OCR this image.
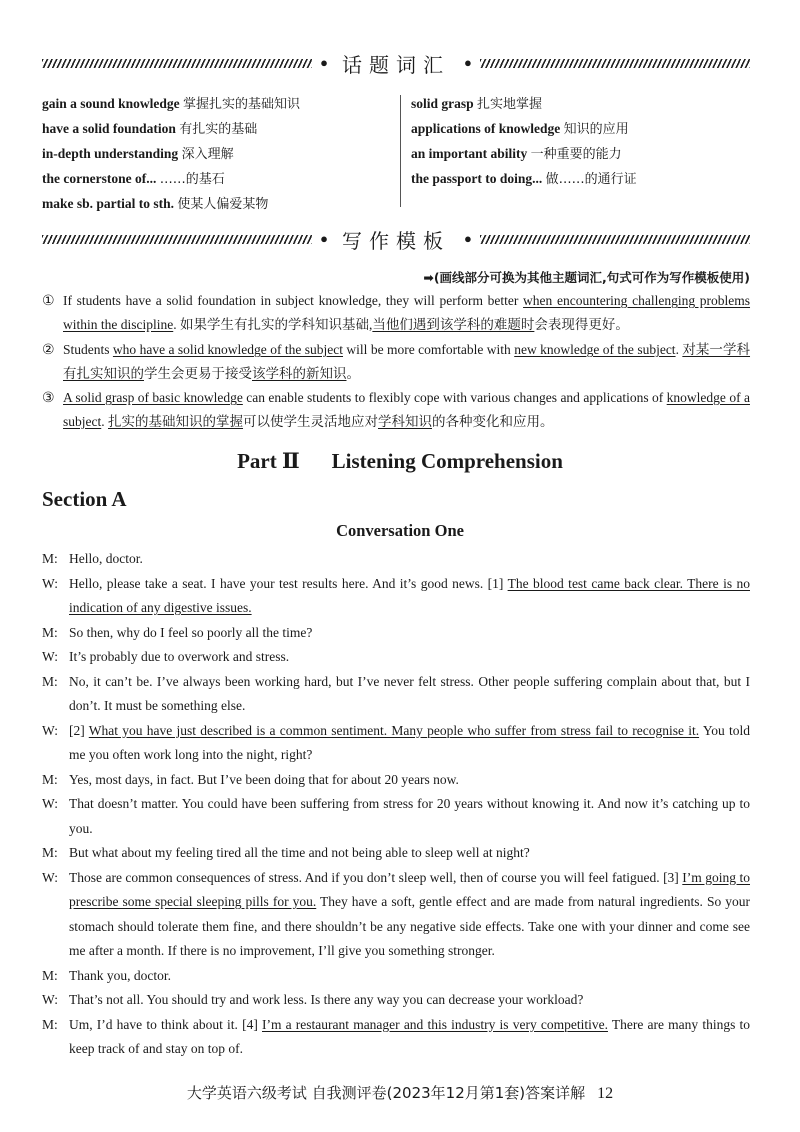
● 话题词汇	●
gain a sound knowledge 掌握扎实的基础知识
have a solid foundation 有扎实的基础
in-depth understanding 深入理解
the cornerstone of... ……的基石
make sb. partial to sth. 使某人偏爱某物
solid grasp 扎实地掌握
applications of knowledge 知识的应用
an important ability 一种重要的能力
the passport to doing... 做……的通行证
● 写作模板	●
➡(画线部分可换为其他主题词汇,句式可作为写作模板使用)
① If students have a solid foundation in subject knowledge, they will perform better when encountering challenging problems within the discipline. 如果学生有扎实的学科知识基础,当他们遇到该学科的难题时会表现得更好。
② Students who have a solid knowledge of the subject will be more comfortable with new knowledge of the subject. 对某一学科有扎实知识的学生会更易于接受该学科的新知识。
③ A solid grasp of basic knowledge can enable students to flexibly cope with various changes and applications of knowledge of a subject. 扎实的基础知识的掌握可以使学生灵活地应对学科知识的各种变化和应用。
Part Ⅱ Listening Comprehension
Section A
Conversation One
M: Hello, doctor.
W: Hello, please take a seat. I have your test results here. And it’s good news. [1] The blood test came back clear. There is no indication of any digestive issues.
M: So then, why do I feel so poorly all the time?
W: It’s probably due to overwork and stress.
M: No, it can’t be. I’ve always been working hard, but I’ve never felt stress. Other people suffering complain about that, but I don’t. It must be something else.
W: [2] What you have just described is a common sentiment. Many people who suffer from stress fail to recognise it. You told me you often work long into the night, right?
M: Yes, most days, in fact. But I’ve been doing that for about 20 years now.
W: That doesn’t matter. You could have been suffering from stress for 20 years without knowing it. And now it’s catching up to you.
M: But what about my feeling tired all the time and not being able to sleep well at night?
W: Those are common consequences of stress. And if you don’t sleep well, then of course you will feel fatigued. [3] I’m going to prescribe some special sleeping pills for you. They have a soft, gentle effect and are made from natural ingredients. So your stomach should tolerate them fine, and there shouldn’t be any negative side effects. Take one with your dinner and come see me after a month. If there is no improvement, I’ll give you something stronger.
M: Thank you, doctor.
W: That’s not all. You should try and work less. Is there any way you can decrease your workload?
M: Um, I’d have to think about it. [4] I’m a restaurant manager and this industry is very competitive. There are many things to keep track of and stay on top of.
大学英语六级考试 自我测评卷(2023年12月第1套)答案详解 12
